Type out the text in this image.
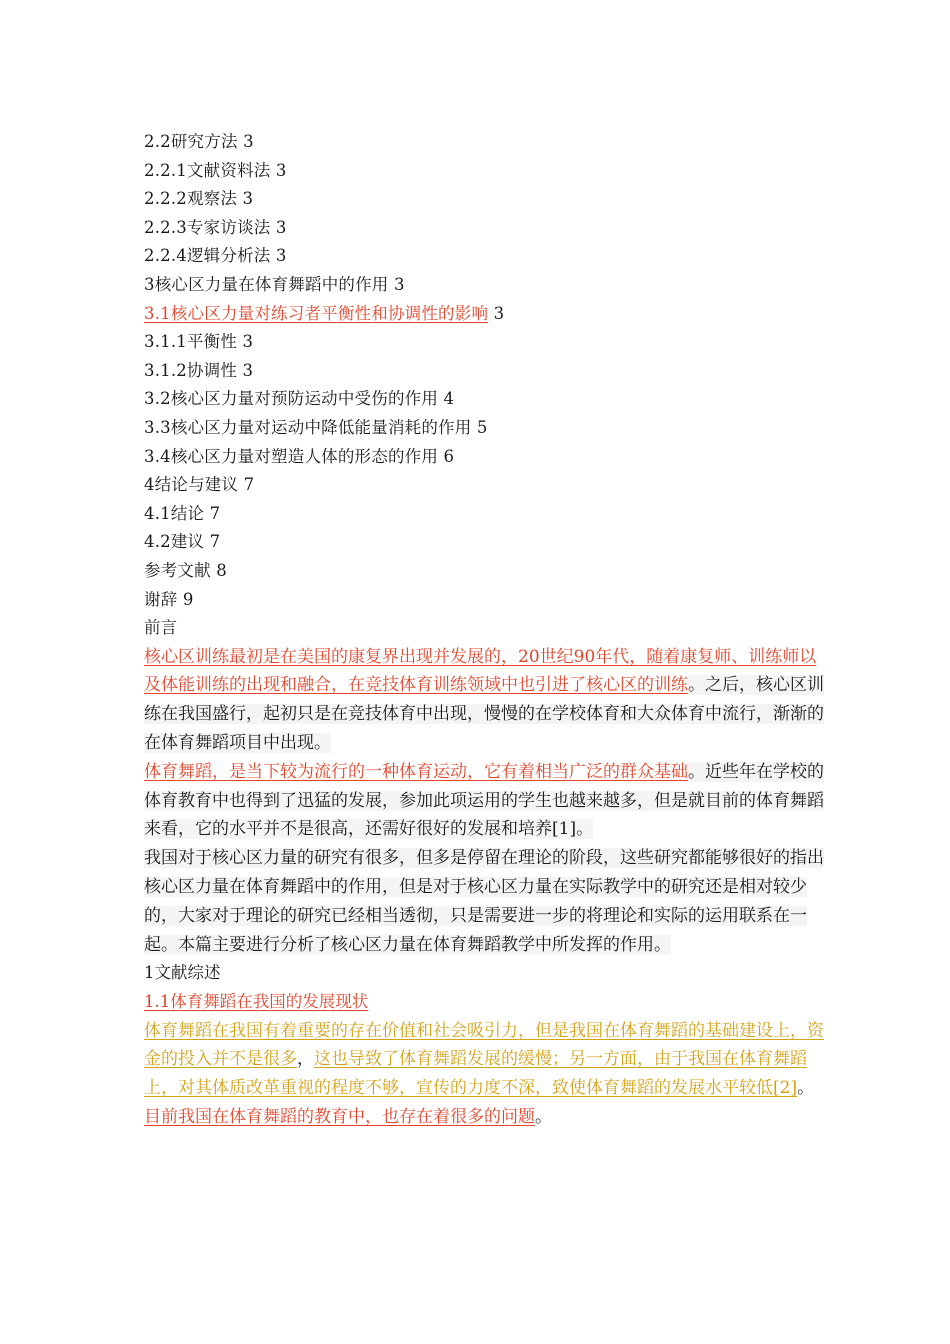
2.2研究方法 3
2.2.1文献资料法 3
2.2.2观察法 3
2.2.3专家访谈法 3
2.2.4逻辑分析法 3
3核心区力量在体育舞蹈中的作用 3
3.1核心区力量对练习者平衡性和协调性的影响 3
3.1.1平衡性 3
3.1.2协调性 3
3.2核心区力量对预防运动中受伤的作用 4
3.3核心区力量对运动中降低能量消耗的作用 5
3.4核心区力量对塑造人体的形态的作用 6
4结论与建议 7
4.1结论 7
4.2建议 7
参考文献 8
谢辞 9
前言

核心区训练最初是在美国的康复界出现并发展的，20世纪90年代，随着康复师、训练师以及体能训练的出现和融合，在竞技体育训练领域中也引进了核心区的训练。之后，核心区训练在我国盛行，起初只是在竞技体育中出现，慢慢的在学校体育和大众体育中流行，渐渐的在体育舞蹈项目中出现。

体育舞蹈，是当下较为流行的一种体育运动，它有着相当广泛的群众基础。近些年在学校的体育教育中也得到了迅猛的发展，参加此项运用的学生也越来越多，但是就目前的体育舞蹈来看，它的水平并不是很高，还需好很好的发展和培养[1]。

我国对于核心区力量的研究有很多，但多是停留在理论的阶段，这些研究都能够很好的指出核心区力量在体育舞蹈中的作用，但是对于核心区力量在实际教学中的研究还是相对较少的，大家对于理论的研究已经相当透彻，只是需要进一步的将理论和实际的运用联系在一起。本篇主要进行分析了核心区力量在体育舞蹈教学中所发挥的作用。

1文献综述
1.1体育舞蹈在我国的发展现状

体育舞蹈在我国有着重要的存在价值和社会吸引力，但是我国在体育舞蹈的基础建设上，资金的投入并不是很多，这也导致了体育舞蹈发展的缓慢；另一方面，由于我国在体育舞蹈上，对其体质改革重视的程度不够，宣传的力度不深，致使体育舞蹈的发展水平较低[2]。目前我国在体育舞蹈的教育中，也存在着很多的问题。
